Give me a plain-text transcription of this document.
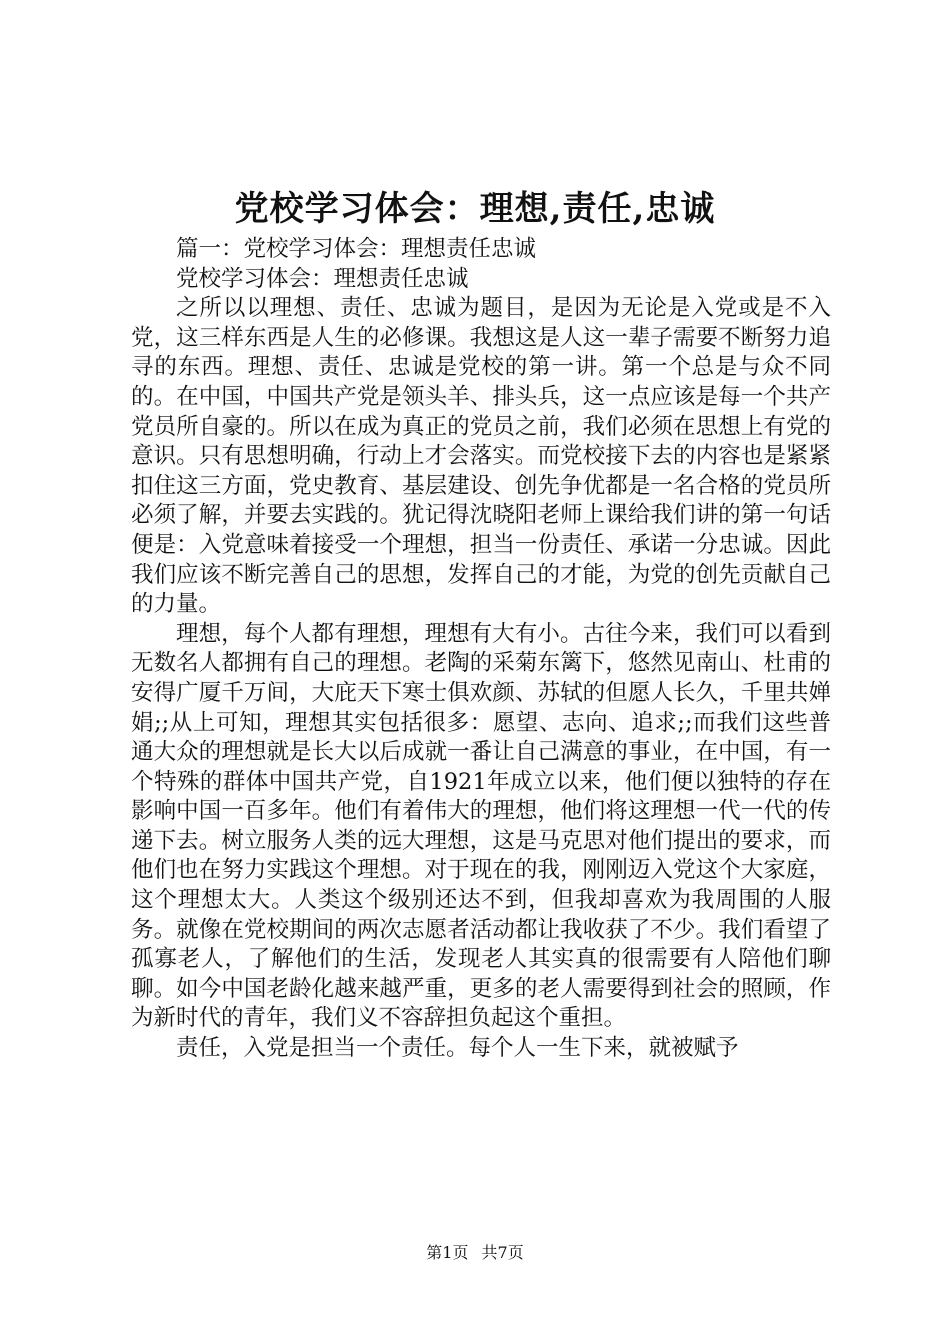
党校学习体会：理想,责任,忠诚

篇一：党校学习体会：理想责任忠诚

党校学习体会：理想责任忠诚

之所以以理想、责任、忠诚为题目，是因为无论是入党或是不入党，这三样东西是人生的必修课。我想这是人这一辈子需要不断努力追寻的东西。理想、责任、忠诚是党校的第一讲。第一个总是与众不同的。在中国，中国共产党是领头羊、排头兵，这一点应该是每一个共产党员所自豪的。所以在成为真正的党员之前，我们必须在思想上有党的意识。只有思想明确，行动上才会落实。而党校接下去的内容也是紧紧扣住这三方面，党史教育、基层建设、创先争优都是一名合格的党员所必须了解，并要去实践的。犹记得沈晓阳老师上课给我们讲的第一句话便是：入党意味着接受一个理想，担当一份责任、承诺一分忠诚。因此我们应该不断完善自己的思想，发挥自己的才能，为党的创先贡献自己的力量。

理想，每个人都有理想，理想有大有小。古往今来，我们可以看到无数名人都拥有自己的理想。老陶的采菊东篱下，悠然见南山、杜甫的安得广厦千万间，大庇天下寒士俱欢颜、苏轼的但愿人长久，千里共婵娟;;从上可知，理想其实包括很多：愿望、志向、追求;;而我们这些普通大众的理想就是长大以后成就一番让自己满意的事业，在中国，有一个特殊的群体中国共产党，自1921年成立以来，他们便以独特的存在影响中国一百多年。他们有着伟大的理想，他们将这理想一代一代的传递下去。树立服务人类的远大理想，这是马克思对他们提出的要求，而他们也在努力实践这个理想。对于现在的我，刚刚迈入党这个大家庭，这个理想太大。人类这个级别还达不到，但我却喜欢为我周围的人服务。就像在党校期间的两次志愿者活动都让我收获了不少。我们看望了孤寡老人，了解他们的生活，发现老人其实真的很需要有人陪他们聊聊。如今中国老龄化越来越严重，更多的老人需要得到社会的照顾，作为新时代的青年，我们义不容辞担负起这个重担。

责任，入党是担当一个责任。每个人一生下来，就被赋予

第1页 共7页
